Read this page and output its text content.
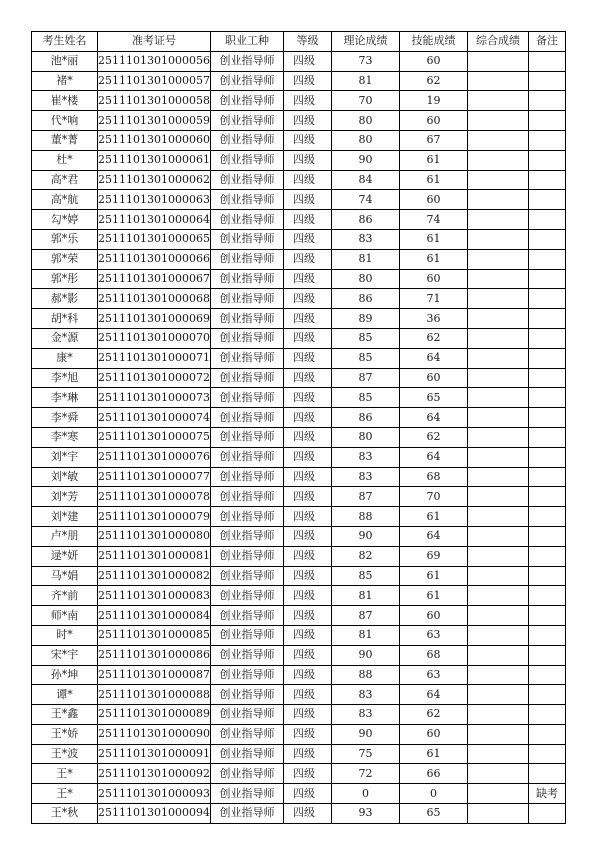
考生姓名	准考证号	职业工种	等级	理论成绩	技能成绩	综合成绩	备注
池*丽	2511101301000056	创业指导师	四级	73	60		
褚*	2511101301000057	创业指导师	四级	81	62		
崔*楼	2511101301000058	创业指导师	四级	70	19		
代*响	2511101301000059	创业指导师	四级	80	60		
董*菁	2511101301000060	创业指导师	四级	80	67		
杜*	2511101301000061	创业指导师	四级	90	61		
高*君	2511101301000062	创业指导师	四级	84	61		
高*航	2511101301000063	创业指导师	四级	74	60		
勾*婷	2511101301000064	创业指导师	四级	86	74		
郭*乐	2511101301000065	创业指导师	四级	83	61		
郭*荣	2511101301000066	创业指导师	四级	81	61		
郭*彤	2511101301000067	创业指导师	四级	80	60		
郝*影	2511101301000068	创业指导师	四级	86	71		
胡*科	2511101301000069	创业指导师	四级	89	36		
金*源	2511101301000070	创业指导师	四级	85	62		
康*	2511101301000071	创业指导师	四级	85	64		
李*旭	2511101301000072	创业指导师	四级	87	60		
李*琳	2511101301000073	创业指导师	四级	85	65		
李*舜	2511101301000074	创业指导师	四级	86	64		
李*寒	2511101301000075	创业指导师	四级	80	62		
刘*宇	2511101301000076	创业指导师	四级	83	64		
刘*敏	2511101301000077	创业指导师	四级	83	68		
刘*芳	2511101301000078	创业指导师	四级	87	70		
刘*建	2511101301000079	创业指导师	四级	88	61		
卢*朋	2511101301000080	创业指导师	四级	90	64		
逯*妍	2511101301000081	创业指导师	四级	82	69		
马*娟	2511101301000082	创业指导师	四级	85	61		
齐*前	2511101301000083	创业指导师	四级	81	61		
师*南	2511101301000084	创业指导师	四级	87	60		
时*	2511101301000085	创业指导师	四级	81	63		
宋*宇	2511101301000086	创业指导师	四级	90	68		
孙*坤	2511101301000087	创业指导师	四级	88	63		
谭*	2511101301000088	创业指导师	四级	83	64		
王*鑫	2511101301000089	创业指导师	四级	83	62		
王*娇	2511101301000090	创业指导师	四级	90	60		
王*波	2511101301000091	创业指导师	四级	75	61		
王*	2511101301000092	创业指导师	四级	72	66		
王*	2511101301000093	创业指导师	四级	0	0		缺考
王*秋	2511101301000094	创业指导师	四级	93	65		
